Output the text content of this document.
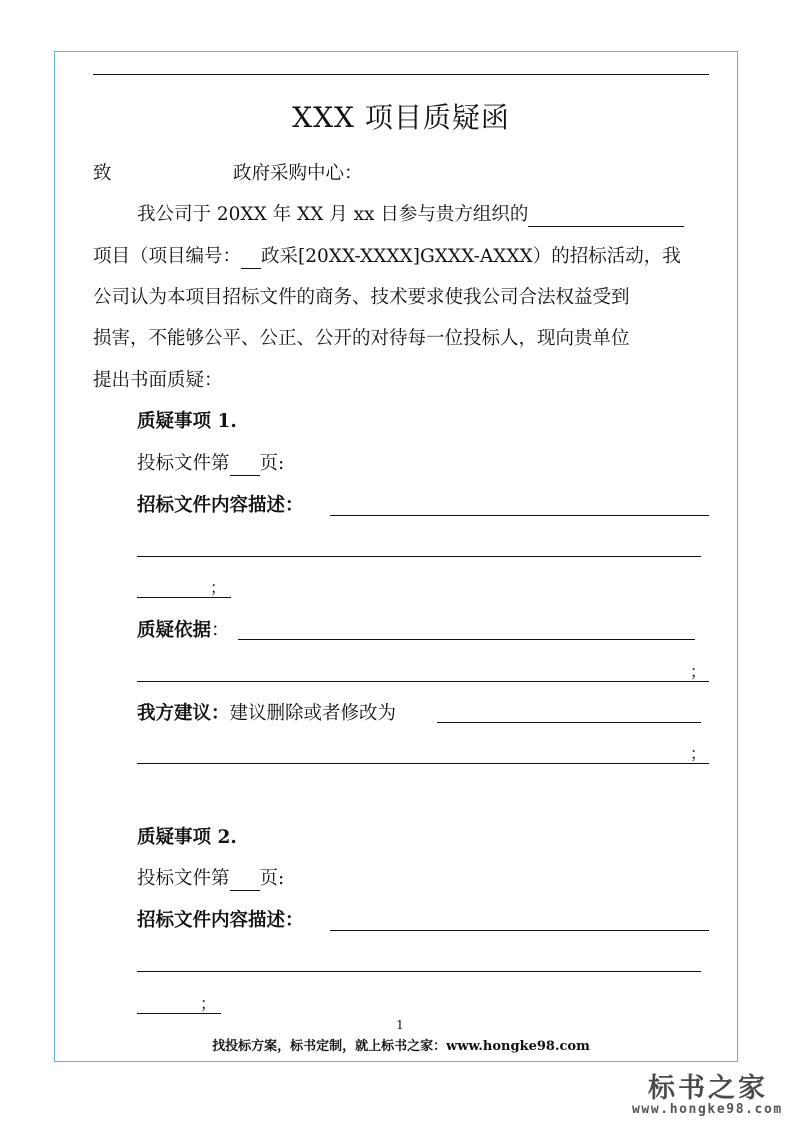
XXX 项目质疑函
致	政府采购中心：
我公司于 20XX 年 XX 月 xx 日参与贵方组织的
项目（项目编号： 政采[20XX-XXXX]GXXX-AXXX）的招标活动，我
公司认为本项目招标文件的商务、技术要求使我公司合法权益受到
损害，不能够公平、公正、公开的对待每一位投标人，现向贵单位
提出书面质疑：
质疑事项 1.
投标文件第 页:
招标文件内容描述：
；
质疑依据：
；
我方建议：建议删除或者修改为
；
质疑事项 2.
投标文件第 页:
招标文件内容描述：
；
1
找投标方案，标书定制，就上标书之家：www.hongke98.com
标书之家
www.hongke98.com
